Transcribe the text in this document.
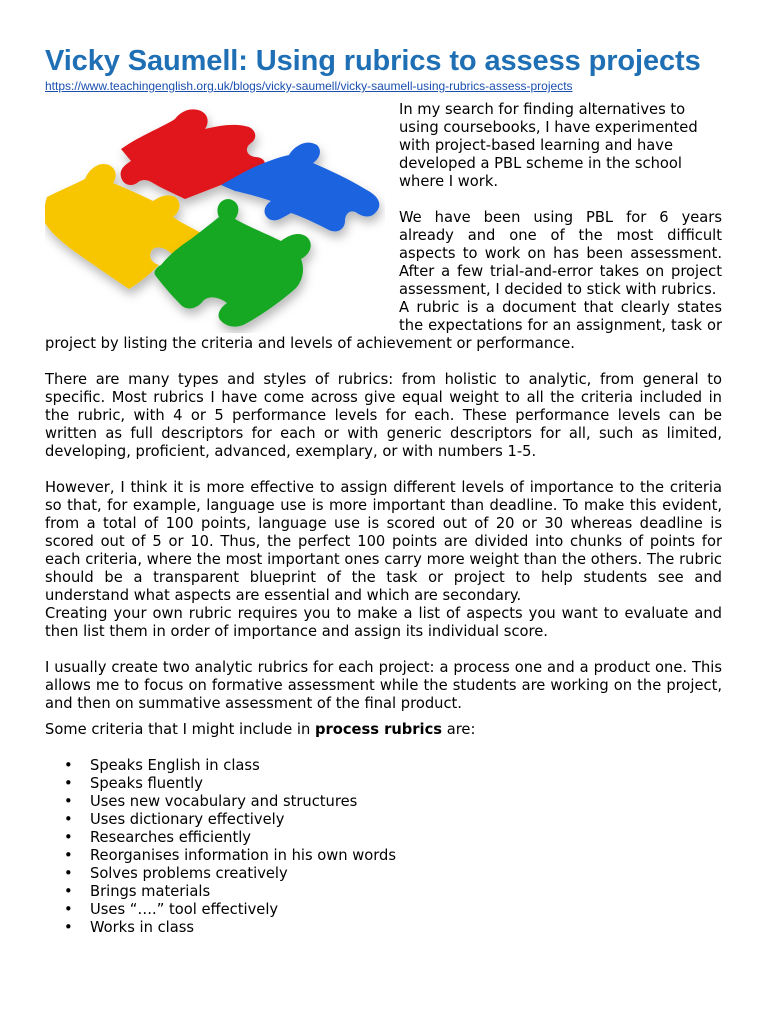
Vicky Saumell: Using rubrics to assess projects
https://www.teachingenglish.org.uk/blogs/vicky-saumell/vicky-saumell-using-rubrics-assess-projects

In my search for finding alternatives to using coursebooks, I have experimented with project-based learning and have developed a PBL scheme in the school where I work.

We have been using PBL for 6 years already and one of the most difficult aspects to work on has been assessment. After a few trial-and-error takes on project assessment, I decided to stick with rubrics.

A rubric is a document that clearly states the expectations for an assignment, task or project by listing the criteria and levels of achievement or performance.

There are many types and styles of rubrics: from holistic to analytic, from general to specific. Most rubrics I have come across give equal weight to all the criteria included in the rubric, with 4 or 5 performance levels for each. These performance levels can be written as full descriptors for each or with generic descriptors for all, such as limited, developing, proficient, advanced, exemplary, or with numbers 1-5.

However, I think it is more effective to assign different levels of importance to the criteria so that, for example, language use is more important than deadline. To make this evident, from a total of 100 points, language use is scored out of 20 or 30 whereas deadline is scored out of 5 or 10. Thus, the perfect 100 points are divided into chunks of points for each criteria, where the most important ones carry more weight than the others. The rubric should be a transparent blueprint of the task or project to help students see and understand what aspects are essential and which are secondary.

Creating your own rubric requires you to make a list of aspects you want to evaluate and then list them in order of importance and assign its individual score.

I usually create two analytic rubrics for each project: a process one and a product one. This allows me to focus on formative assessment while the students are working on the project, and then on summative assessment of the final product.

Some criteria that I might include in process rubrics are:

• Speaks English in class
• Speaks fluently
• Uses new vocabulary and structures
• Uses dictionary effectively
• Researches efficiently
• Reorganises information in his own words
• Solves problems creatively
• Brings materials
• Uses “….” tool effectively
• Works in class
